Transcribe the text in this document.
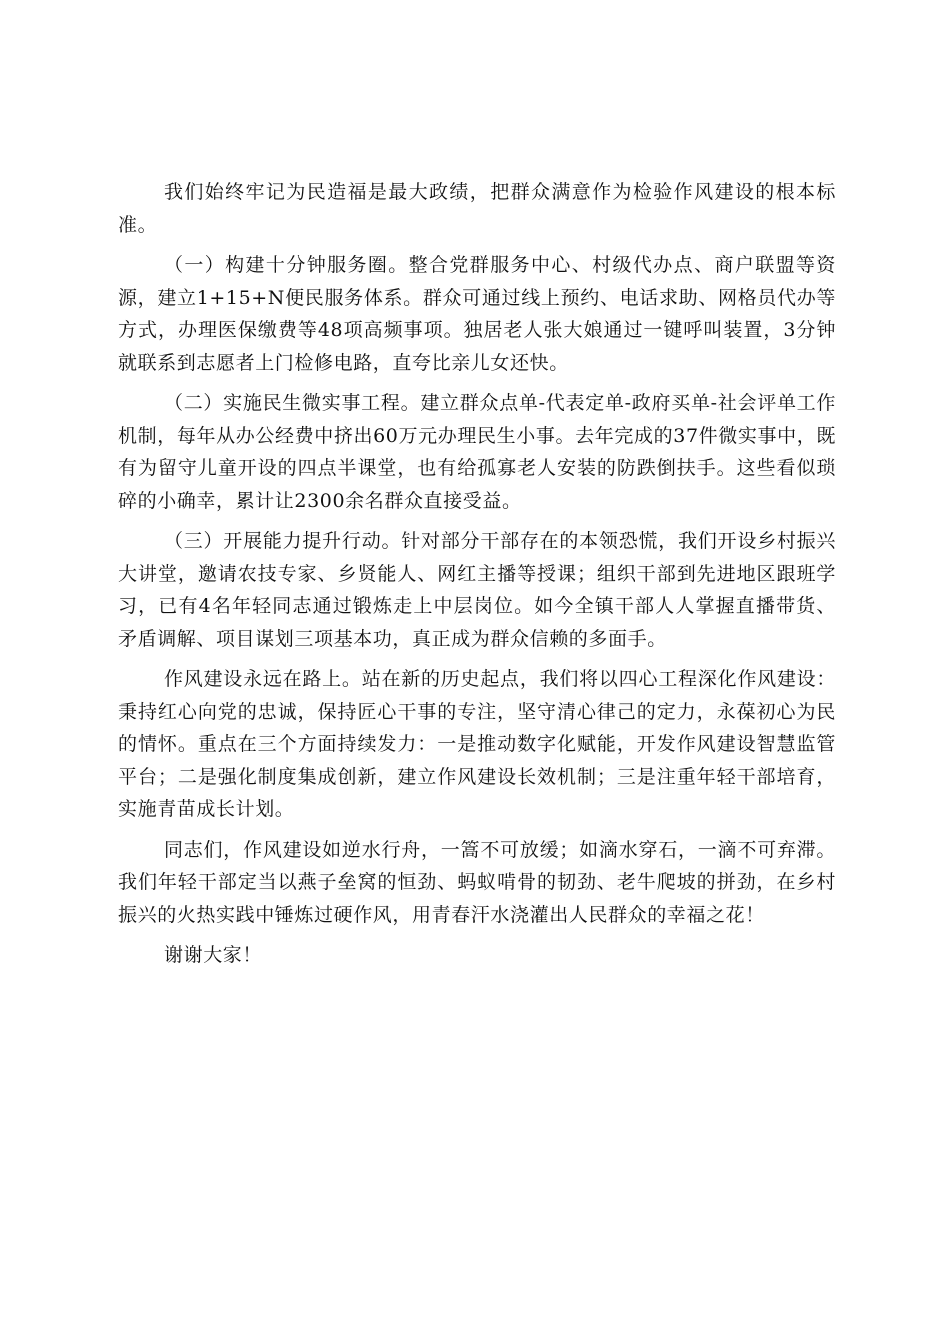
我们始终牢记为民造福是最大政绩，把群众满意作为检验作风建设的根本标准。

（一）构建十分钟服务圈。整合党群服务中心、村级代办点、商户联盟等资源，建立1+15+N便民服务体系。群众可通过线上预约、电话求助、网格员代办等方式，办理医保缴费等48项高频事项。独居老人张大娘通过一键呼叫装置，3分钟就联系到志愿者上门检修电路，直夸比亲儿女还快。

（二）实施民生微实事工程。建立群众点单-代表定单-政府买单-社会评单工作机制，每年从办公经费中挤出60万元办理民生小事。去年完成的37件微实事中，既有为留守儿童开设的四点半课堂，也有给孤寡老人安装的防跌倒扶手。这些看似琐碎的小确幸，累计让2300余名群众直接受益。

（三）开展能力提升行动。针对部分干部存在的本领恐慌，我们开设乡村振兴大讲堂，邀请农技专家、乡贤能人、网红主播等授课；组织干部到先进地区跟班学习，已有4名年轻同志通过锻炼走上中层岗位。如今全镇干部人人掌握直播带货、矛盾调解、项目谋划三项基本功，真正成为群众信赖的多面手。

作风建设永远在路上。站在新的历史起点，我们将以四心工程深化作风建设：秉持红心向党的忠诚，保持匠心干事的专注，坚守清心律己的定力，永葆初心为民的情怀。重点在三个方面持续发力：一是推动数字化赋能，开发作风建设智慧监管平台；二是强化制度集成创新，建立作风建设长效机制；三是注重年轻干部培育，实施青苗成长计划。

同志们，作风建设如逆水行舟，一篙不可放缓；如滴水穿石，一滴不可弃滞。我们年轻干部定当以燕子垒窝的恒劲、蚂蚁啃骨的韧劲、老牛爬坡的拼劲，在乡村振兴的火热实践中锤炼过硬作风，用青春汗水浇灌出人民群众的幸福之花！

谢谢大家！
